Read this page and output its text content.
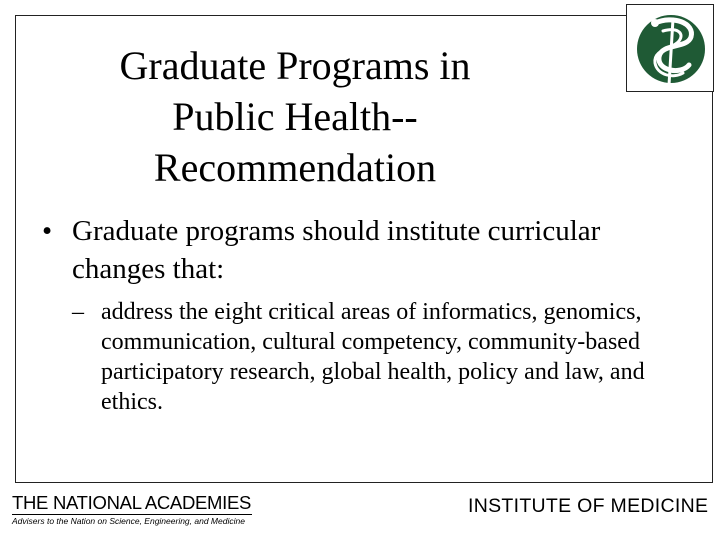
Graduate Programs in
Public Health--
Recommendation
• Graduate programs should institute curricular changes that:
– address the eight critical areas of informatics, genomics, communication, cultural competency, community-based participatory research, global health, policy and law, and ethics.
THE NATIONAL ACADEMIES
Advisers to the Nation on Science, Engineering, and Medicine
INSTITUTE OF MEDICINE
